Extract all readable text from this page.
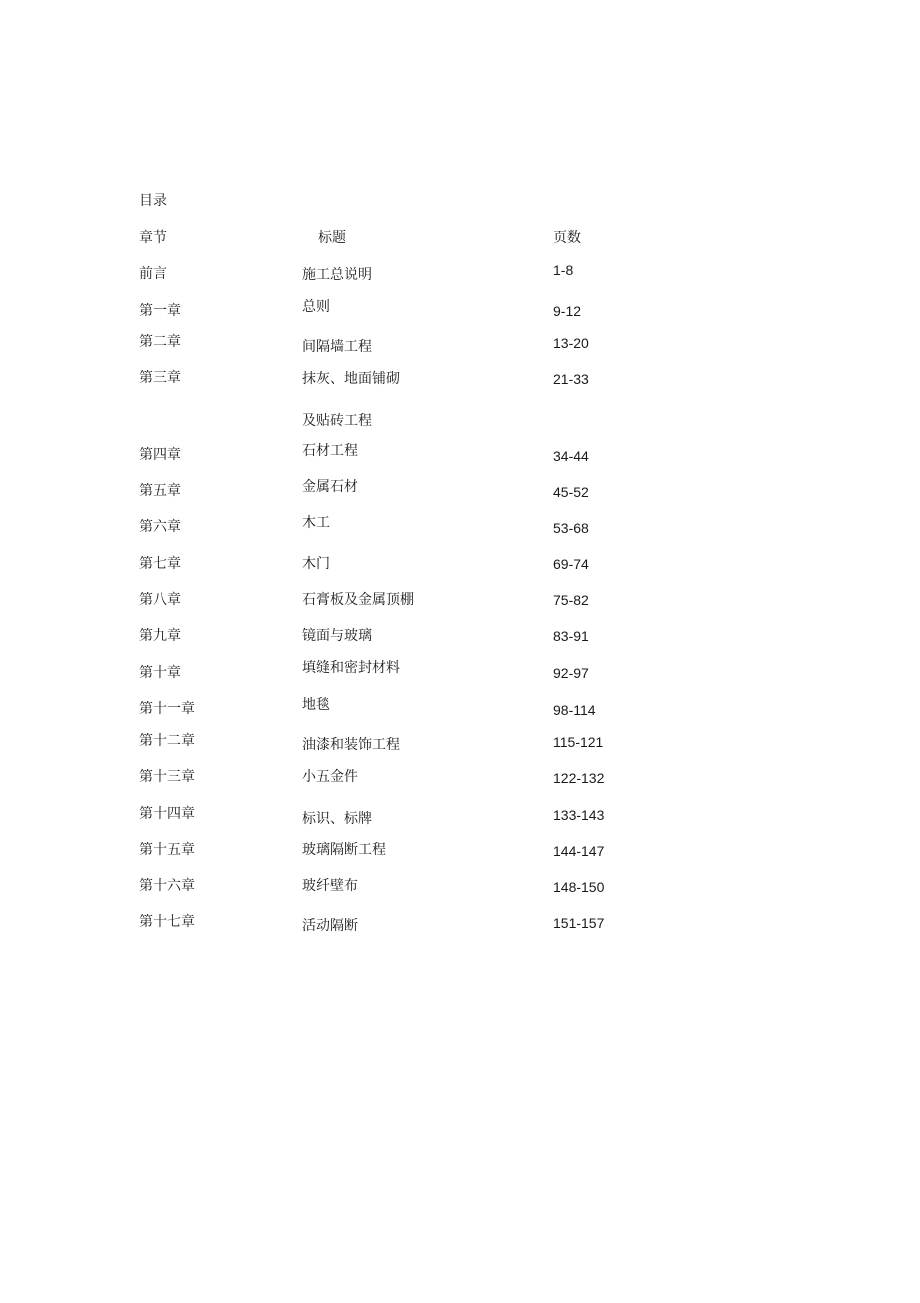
目录
章节	标题	页数
前言	施工总说明	1-8
第一章	总则	9-12
第二章	间隔墙工程	13-20
第三章	抹灰、地面铺砌	21-33
及贴砖工程
第四章	石材工程	34-44
第五章	金属石材	45-52
第六章	木工	53-68
第七章	木门	69-74
第八章	石膏板及金属顶棚	75-82
第九章	镜面与玻璃	83-91
第十章	填缝和密封材料	92-97
第十一章	地毯	98-114
第十二章	油漆和装饰工程	115-121
第十三章	小五金件	122-132
第十四章	标识、标牌	133-143
第十五章	玻璃隔断工程	144-147
第十六章	玻纤壁布	148-150
第十七章	活动隔断	151-157
